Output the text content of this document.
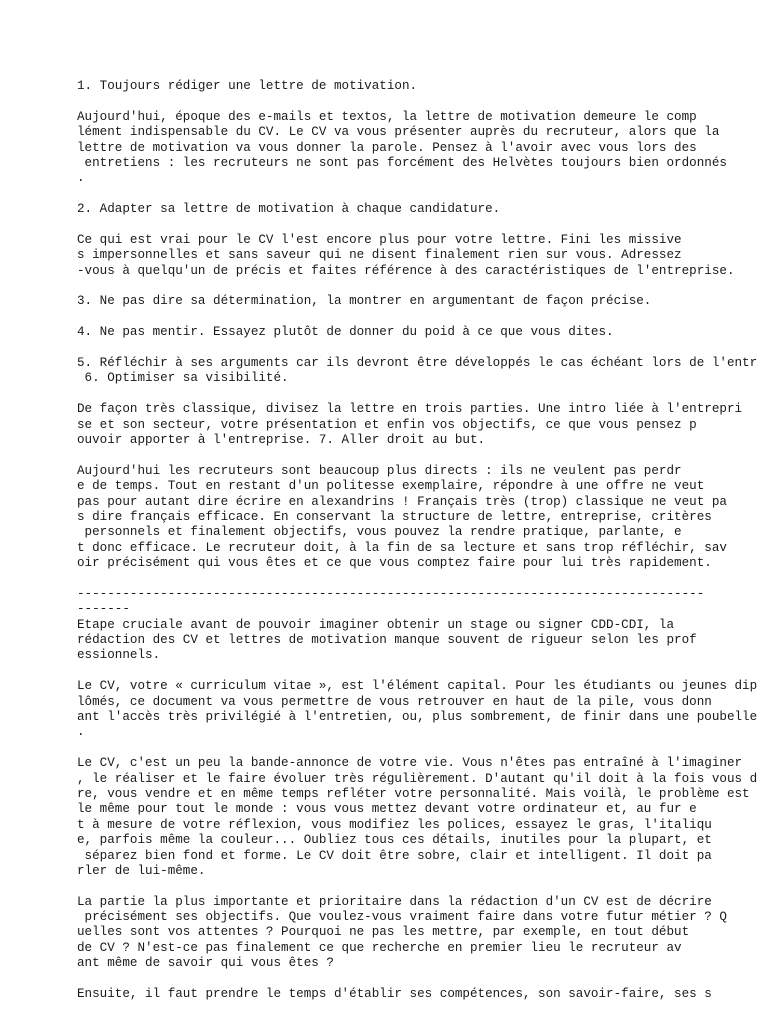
1. Toujours rédiger une lettre de motivation.
Aujourd'hui, époque des e-mails et textos, la lettre de motivation demeure le comp
lément indispensable du CV. Le CV va vous présenter auprès du recruteur, alors que la
lettre de motivation va vous donner la parole. Pensez à l'avoir avec vous lors des
entretiens : les recruteurs ne sont pas forcément des Helvètes toujours bien ordonnés
.
2. Adapter sa lettre de motivation à chaque candidature.
Ce qui est vrai pour le CV l'est encore plus pour votre lettre. Fini les missive
s impersonnelles et sans saveur qui ne disent finalement rien sur vous. Adressez
-vous à quelqu'un de précis et faites référence à des caractéristiques de l'entreprise.
3. Ne pas dire sa détermination, la montrer en argumentant de façon précise.
4. Ne pas mentir. Essayez plutôt de donner du poid à ce que vous dites.
5. Réfléchir à ses arguments car ils devront être développés le cas échéant lors de l'entr
6. Optimiser sa visibilité.
De façon très classique, divisez la lettre en trois parties. Une intro liée à l'entrepri
se et son secteur, votre présentation et enfin vos objectifs, ce que vous pensez p
ouvoir apporter à l'entreprise. 7. Aller droit au but.
Aujourd'hui les recruteurs sont beaucoup plus directs : ils ne veulent pas perdr
e de temps. Tout en restant d'un politesse exemplaire, répondre à une offre ne veut
pas pour autant dire écrire en alexandrins ! Français très (trop) classique ne veut pa
s dire français efficace. En conservant la structure de lettre, entreprise, critères
personnels et finalement objectifs, vous pouvez la rendre pratique, parlante, e
t donc efficace. Le recruteur doit, à la fin de sa lecture et sans trop réfléchir, sav
oir précisément qui vous êtes et ce que vous comptez faire pour lui très rapidement.
-----------------------------------------------------------------------------------
-------
Etape cruciale avant de pouvoir imaginer obtenir un stage ou signer CDD-CDI, la
rédaction des CV et lettres de motivation manque souvent de rigueur selon les prof
essionnels.
Le CV, votre « curriculum vitae », est l'élément capital. Pour les étudiants ou jeunes dip
lômés, ce document va vous permettre de vous retrouver en haut de la pile, vous donn
ant l'accès très privilégié à l'entretien, ou, plus sombrement, de finir dans une poubelle
.
Le CV, c'est un peu la bande-annonce de votre vie. Vous n'êtes pas entraîné à l'imaginer
, le réaliser et le faire évoluer très régulièrement. D'autant qu'il doit à la fois vous d
re, vous vendre et en même temps refléter votre personnalité. Mais voilà, le problème est
le même pour tout le monde : vous vous mettez devant votre ordinateur et, au fur e
t à mesure de votre réflexion, vous modifiez les polices, essayez le gras, l'italiqu
e, parfois même la couleur... Oubliez tous ces détails, inutiles pour la plupart, et
séparez bien fond et forme. Le CV doit être sobre, clair et intelligent. Il doit pa
rler de lui-même.
La partie la plus importante et prioritaire dans la rédaction d'un CV est de décrire
précisément ses objectifs. Que voulez-vous vraiment faire dans votre futur métier ? Q
uelles sont vos attentes ? Pourquoi ne pas les mettre, par exemple, en tout début
de CV ? N'est-ce pas finalement ce que recherche en premier lieu le recruteur av
ant même de savoir qui vous êtes ?
Ensuite, il faut prendre le temps d'établir ses compétences, son savoir-faire, ses s
